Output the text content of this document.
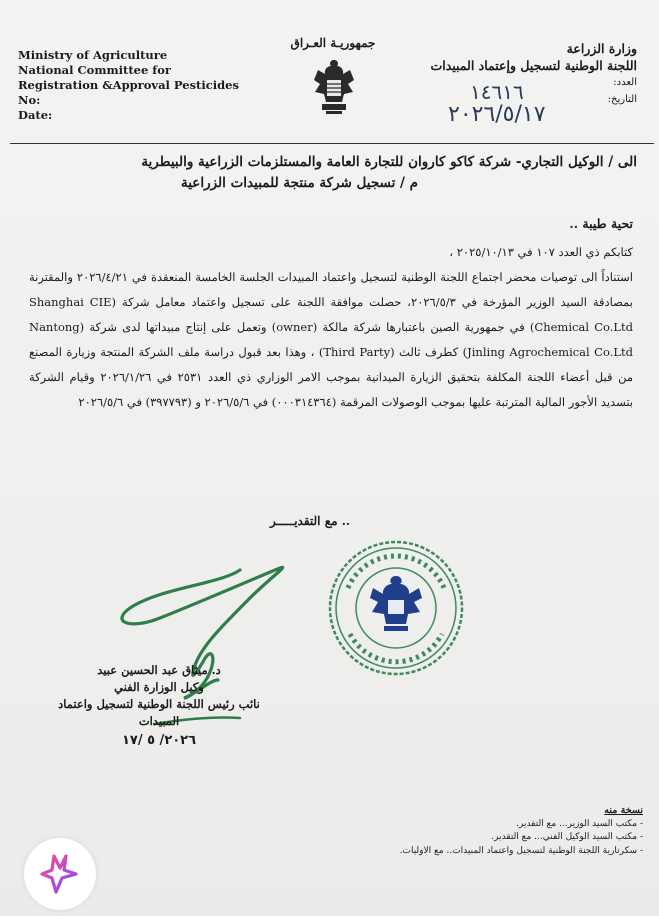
Ministry of Agriculture
National Committee for
Registration &Approval Pesticides
No:
Date:
جمهوريـة العـراق	وزارة الزراعة
اللجنة الوطنية لتسجيل وإعتماد المبيدات
العدد:
التاريخ:
١٤٦١٦
٢٠٢٦/٥/١٧
الى / الوكيل التجاري- شركة كاكو كاروان للتجارة العامة والمستلزمات الزراعية والبيطرية
م / تسجيل شركة منتجة للمبيدات الزراعية
تحية طيبة ..

كتابكم ذي العدد ١٠٧ في ٢٠٢٥/١٠/١٣ ،

استناداً الى توصيات محضر اجتماع اللجنة الوطنية لتسجيل واعتماد المبيدات الجلسة الخامسة المنعقدة في ٢٠٢٦/٤/٢١ والمقترنة بمصادقة السيد الوزير المؤرخة في ٢٠٢٦/٥/٣، حصلت موافقة اللجنة على تسجيل واعتماد معامل شركة (Shanghai CIE Chemical Co.Ltd) في جمهورية الصين باعتبارها شركة مالكة (owner) وتعمل على إنتاج مبيداتها لدى شركة (Nantong Jinling Agrochemical Co.Ltd) كطرف ثالث (Third Party) ، وهذا بعد قبول دراسة ملف الشركة المنتجة وزيارة المصنع من قبل أعضاء اللجنة المكلفة بتحقيق الزيارة الميدانية بموجب الامر الوزاري ذي العدد ٢٥٣١ في ٢٠٢٦/١/٢٦ وقيام الشركة بتسديد الأجور المالية المترتبة عليها بموجب الوصولات المرقمة (٠٠٠٣١٤٣٦٤) في ٢٠٢٦/٥/٦ و (٣٩٧٧٩٣) في ٢٠٢٦/٥/٦

.. مع التقديـــــر
د. ميثاق عبد الحسين عبيد
وكيل الوزارة الفني
نائب رئيس اللجنة الوطنية لتسجيل واعتماد المبيدات
٢٠٢٦/ ٥ /١٧
نسخة منه
- مكتب السيد الوزير... مع التقدير.
- مكتب السيد الوكيل الفني... مع التقدير.
- سكرتارية اللجنة الوطنية لتسجيل واعتماد المبيدات.. مع الاوليات.
